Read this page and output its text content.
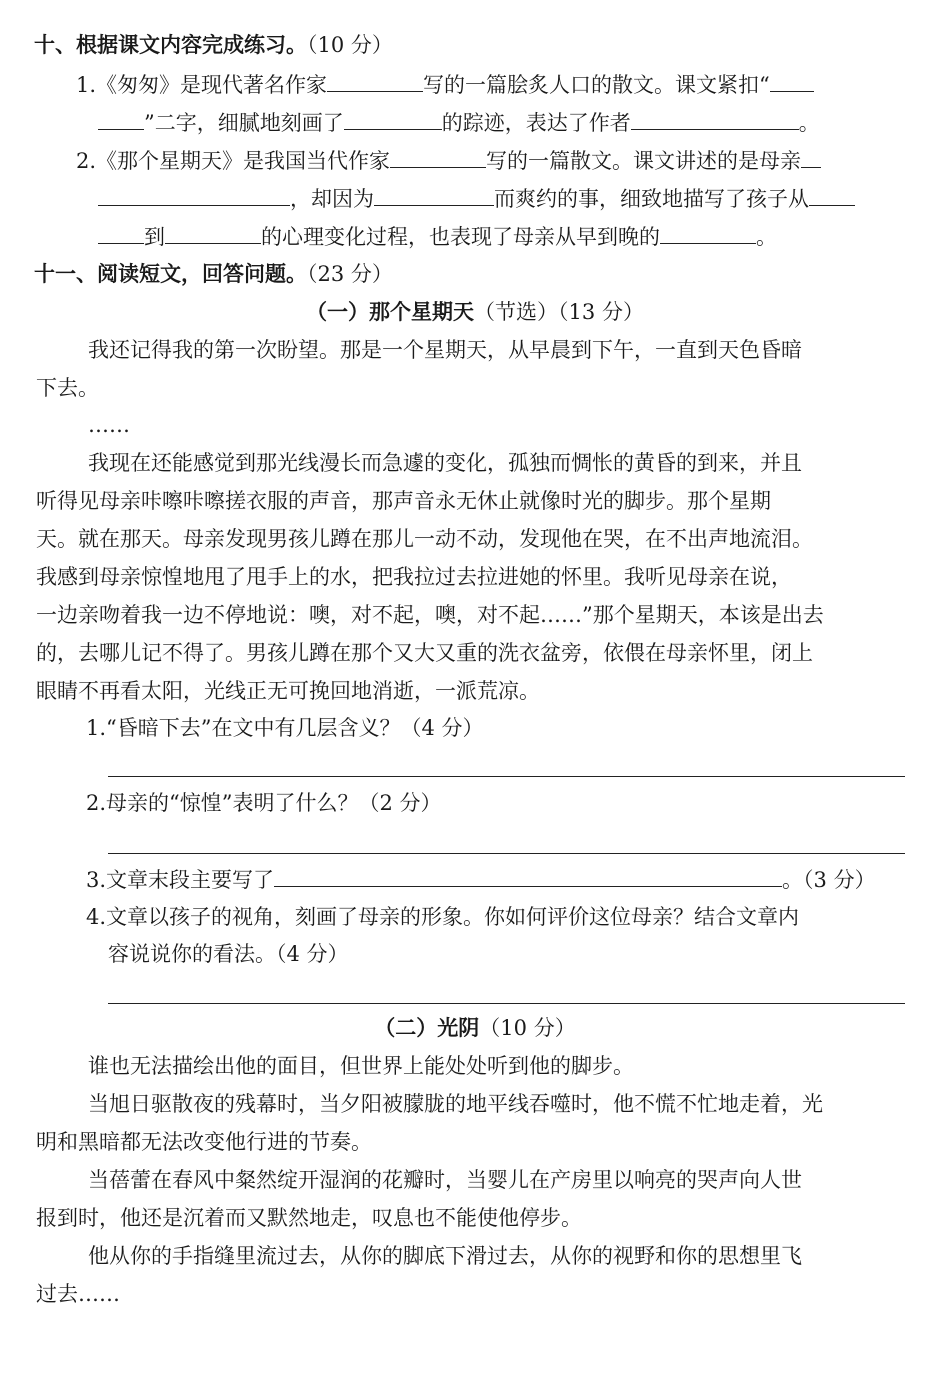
十、根据课文内容完成练习。（10 分）
1.《匆匆》是现代著名作家	写的一篇脍炙人口的散文。课文紧扣“
”二字，细腻地刻画了	的踪迹，表达了作者	。
2.《那个星期天》是我国当代作家	写的一篇散文。课文讲述的是母亲
，却因为	而爽约的事，细致地描写了孩子从
到	的心理变化过程，也表现了母亲从早到晚的	。
十一、阅读短文，回答问题。（23 分）
（一）那个星期天（节选）（13 分）
我还记得我的第一次盼望。那是一个星期天，从早晨到下午，一直到天色昏暗
下去。
……
我现在还能感觉到那光线漫长而急遽的变化，孤独而惆怅的黄昏的到来，并且
听得见母亲咔嚓咔嚓搓衣服的声音，那声音永无休止就像时光的脚步。那个星期
天。就在那天。母亲发现男孩儿蹲在那儿一动不动，发现他在哭，在不出声地流泪。
我感到母亲惊惶地甩了甩手上的水，把我拉过去拉进她的怀里。我听见母亲在说，
一边亲吻着我一边不停地说：噢，对不起，噢，对不起……”那个星期天，本该是出去
的，去哪儿记不得了。男孩儿蹲在那个又大又重的洗衣盆旁，依偎在母亲怀里，闭上
眼睛不再看太阳，光线正无可挽回地消逝，一派荒凉。
1.“昏暗下去”在文中有几层含义？（4 分）
2.母亲的“惊惶”表明了什么？（2 分）
3.文章末段主要写了	。（3 分）
4.文章以孩子的视角，刻画了母亲的形象。你如何评价这位母亲？结合文章内
容说说你的看法。（4 分）
（二）光阴（10 分）
谁也无法描绘出他的面目，但世界上能处处听到他的脚步。
当旭日驱散夜的残幕时，当夕阳被朦胧的地平线吞噬时，他不慌不忙地走着，光
明和黑暗都无法改变他行进的节奏。
当蓓蕾在春风中粲然绽开湿润的花瓣时，当婴儿在产房里以响亮的哭声向人世
报到时，他还是沉着而又默然地走，叹息也不能使他停步。
他从你的手指缝里流过去，从你的脚底下滑过去，从你的视野和你的思想里飞
过去……
